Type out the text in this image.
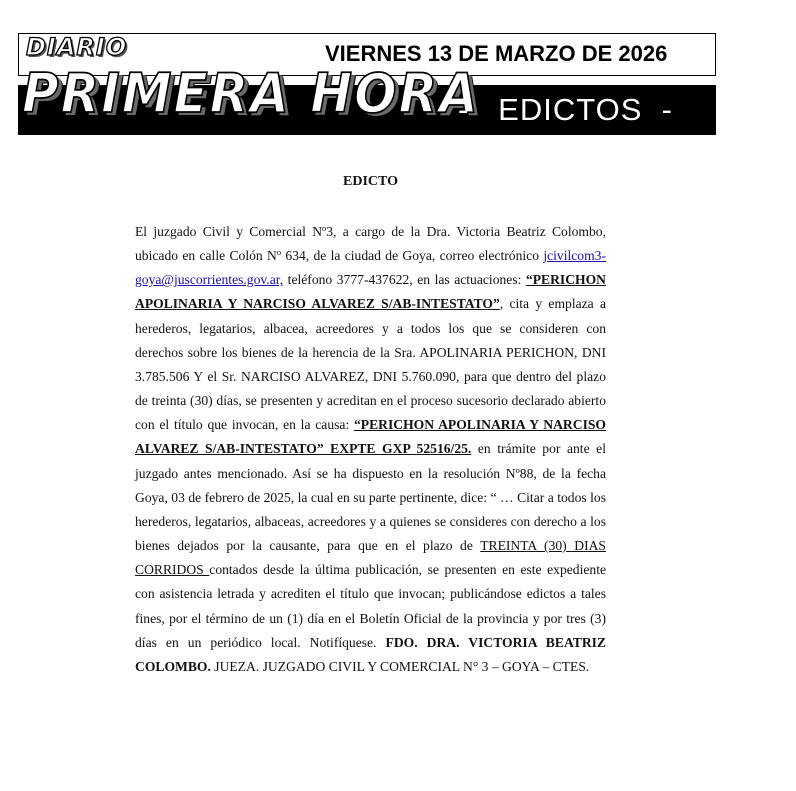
VIERNES 13 DE MARZO DE 2026
DIARIO
PRIMERA HORA
-   EDICTOS  -
EDICTO
El juzgado Civil y Comercial Nº3, a cargo de la Dra. Victoria Beatriz Colombo, ubicado en calle Colón Nº 634, de la ciudad de Goya, correo electrónico jcivilcom3-goya@juscorrientes.gov.ar, teléfono 3777-437622, en las actuaciones: “PERICHON APOLINARIA Y NARCISO ALVAREZ S/AB-INTESTATO”, cita y emplaza a herederos, legatarios, albacea, acreedores y a todos los que se consideren con derechos sobre los bienes de la herencia de la Sra. APOLINARIA PERICHON, DNI 3.785.506 Y el Sr. NARCISO ALVAREZ, DNI 5.760.090, para que dentro del plazo de treinta (30) días, se presenten y acreditan en el proceso sucesorio declarado abierto con el título que invocan, en la causa: “PERICHON APOLINARIA Y NARCISO ALVAREZ S/AB-INTESTATO” EXPTE GXP 52516/25. en trámite por ante el juzgado antes mencionado. Así se ha dispuesto en la resolución Nº88, de la fecha Goya, 03 de febrero de 2025, la cual en su parte pertinente, dice: “ … Citar a todos los herederos, legatarios, albaceas, acreedores y a quienes se consideres con derecho a los bienes dejados por la causante, para que en el plazo de TREINTA (30) DIAS CORRIDOS contados desde la última publicación, se presenten en este expediente con asistencia letrada y acrediten el título que invocan; publicándose edictos a tales fines, por el término de un (1) día en el Boletín Oficial de la provincia y por tres (3) días en un periódico local. Notifíquese. FDO. DRA. VICTORIA BEATRIZ COLOMBO. JUEZA. JUZGADO CIVIL Y COMERCIAL N° 3 – GOYA – CTES.
